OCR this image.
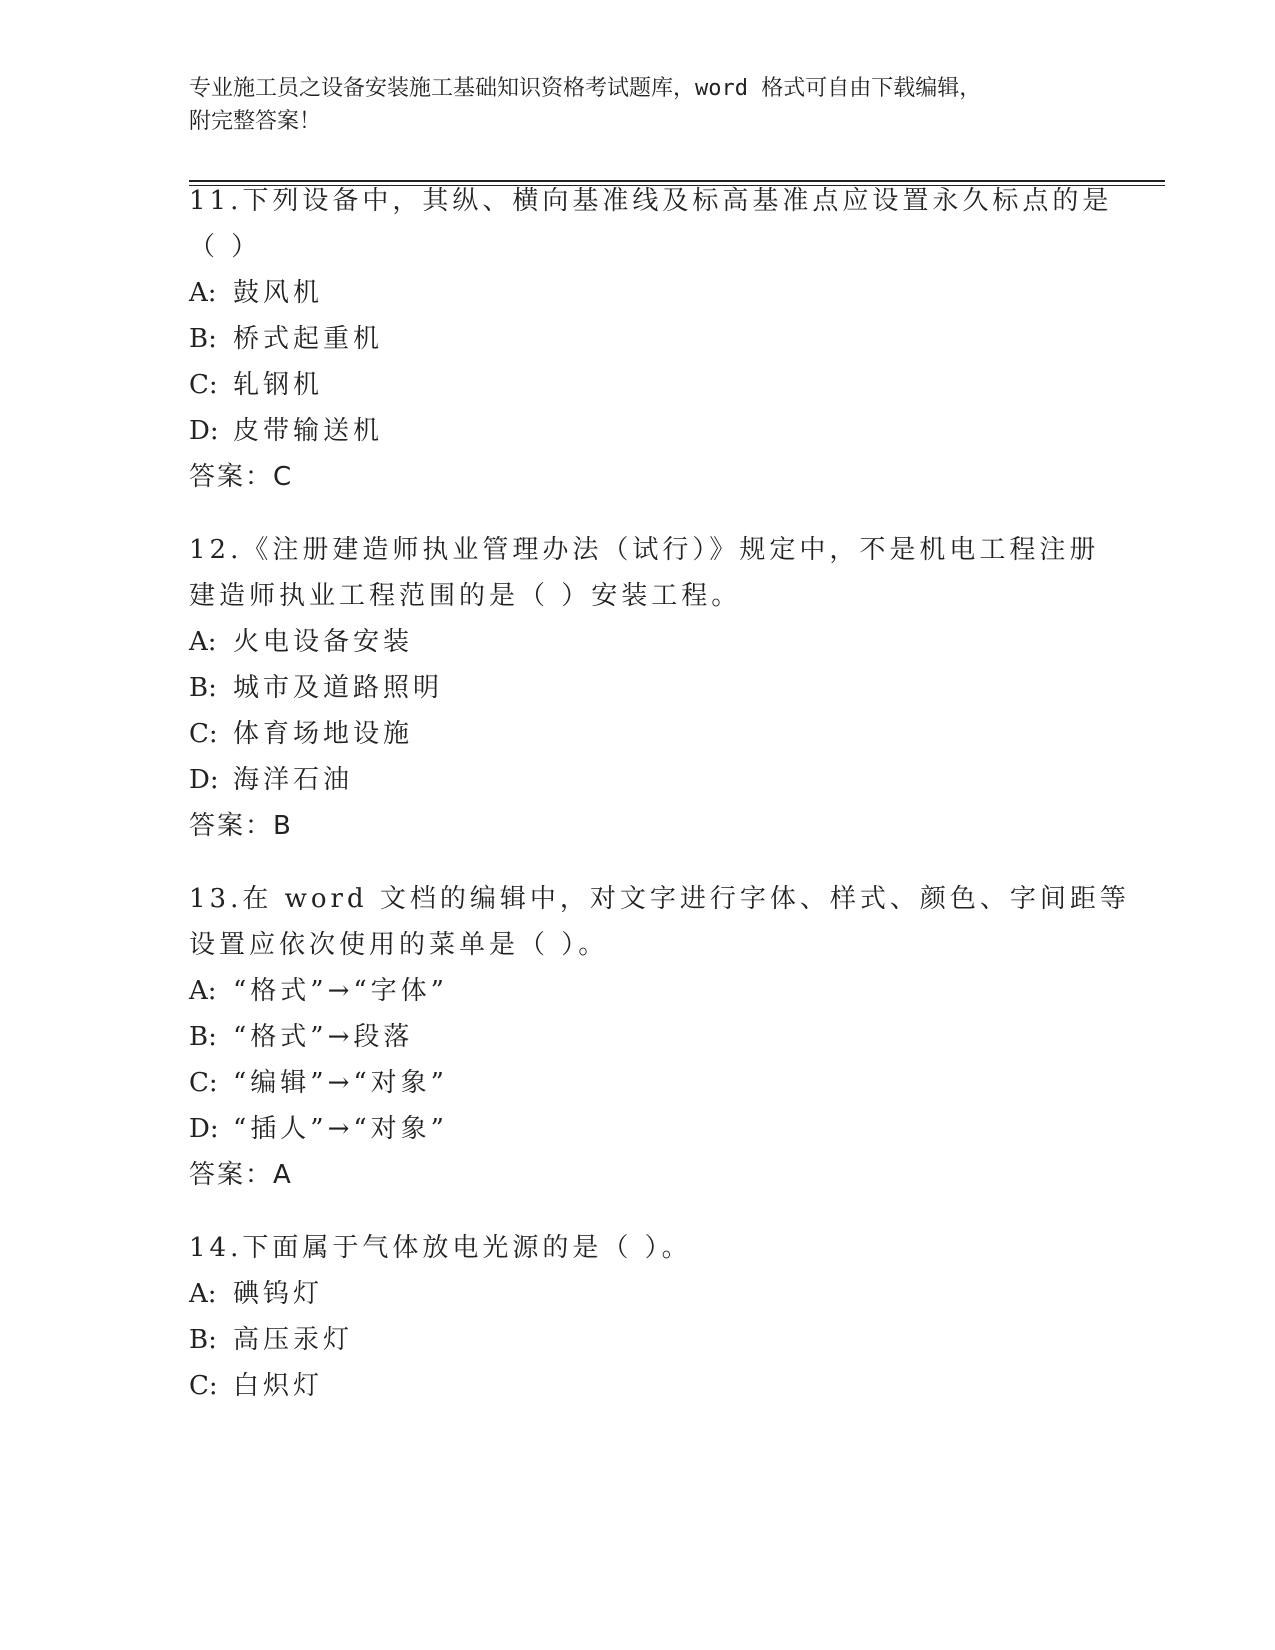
专业施工员之设备安装施工基础知识资格考试题库，word 格式可自由下载编辑，
附完整答案！
11.下列设备中，其纵、横向基准线及标高基准点应设置永久标点的是
（ ）
A: 鼓风机
B: 桥式起重机
C: 轧钢机
D: 皮带输送机
答案：C
12.《注册建造师执业管理办法（试行）》规定中，不是机电工程注册
建造师执业工程范围的是（ ）安装工程。
A: 火电设备安装
B: 城市及道路照明
C: 体育场地设施
D: 海洋石油
答案：B
13.在 word 文档的编辑中，对文字进行字体、样式、颜色、字间距等
设置应依次使用的菜单是（ ）。
A: “格式”→“字体”
B: “格式”→段落
C: “编辑”→“对象”
D: “插人”→“对象”
答案：A
14.下面属于气体放电光源的是（ ）。
A: 碘钨灯
B: 高压汞灯
C: 白炽灯
